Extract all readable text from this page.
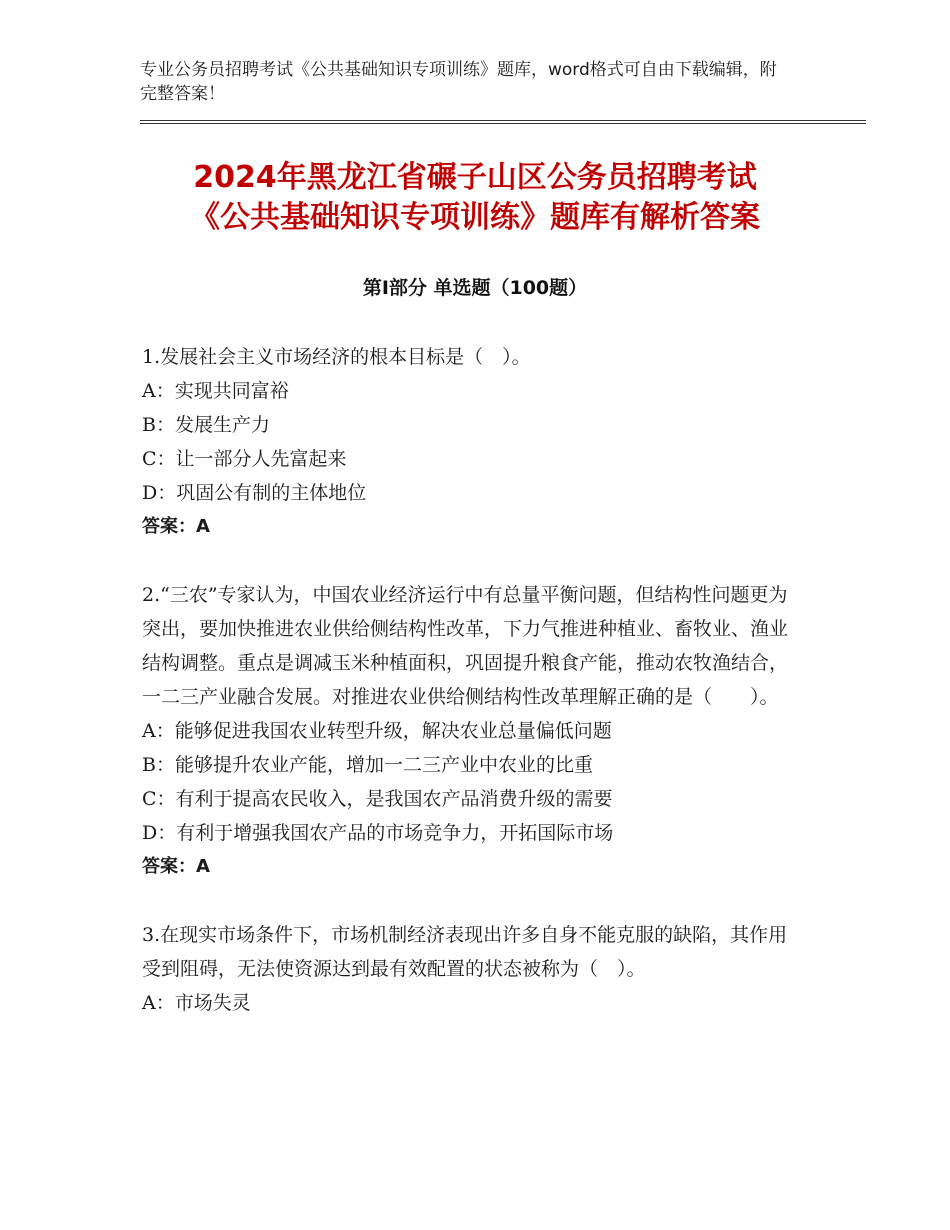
专业公务员招聘考试《公共基础知识专项训练》题库，word格式可自由下载编辑，附完整答案！
2024年黑龙江省碾子山区公务员招聘考试
《公共基础知识专项训练》题库有解析答案
第Ⅰ部分 单选题（100题）

1.发展社会主义市场经济的根本目标是（　）。

A：实现共同富裕

B：发展生产力

C：让一部分人先富起来

D：巩固公有制的主体地位

答案：A

2.“三农”专家认为，中国农业经济运行中有总量平衡问题，但结构性问题更为突出，要加快推进农业供给侧结构性改革，下力气推进种植业、畜牧业、渔业结构调整。重点是调减玉米种植面积，巩固提升粮食产能，推动农牧渔结合，一二三产业融合发展。对推进农业供给侧结构性改革理解正确的是（　　）。

A：能够促进我国农业转型升级，解决农业总量偏低问题

B：能够提升农业产能，增加一二三产业中农业的比重

C：有利于提高农民收入，是我国农产品消费升级的需要

D：有利于增强我国农产品的市场竞争力，开拓国际市场

答案：A

3.在现实市场条件下，市场机制经济表现出许多自身不能克服的缺陷，其作用受到阻碍，无法使资源达到最有效配置的状态被称为（　）。

A：市场失灵
